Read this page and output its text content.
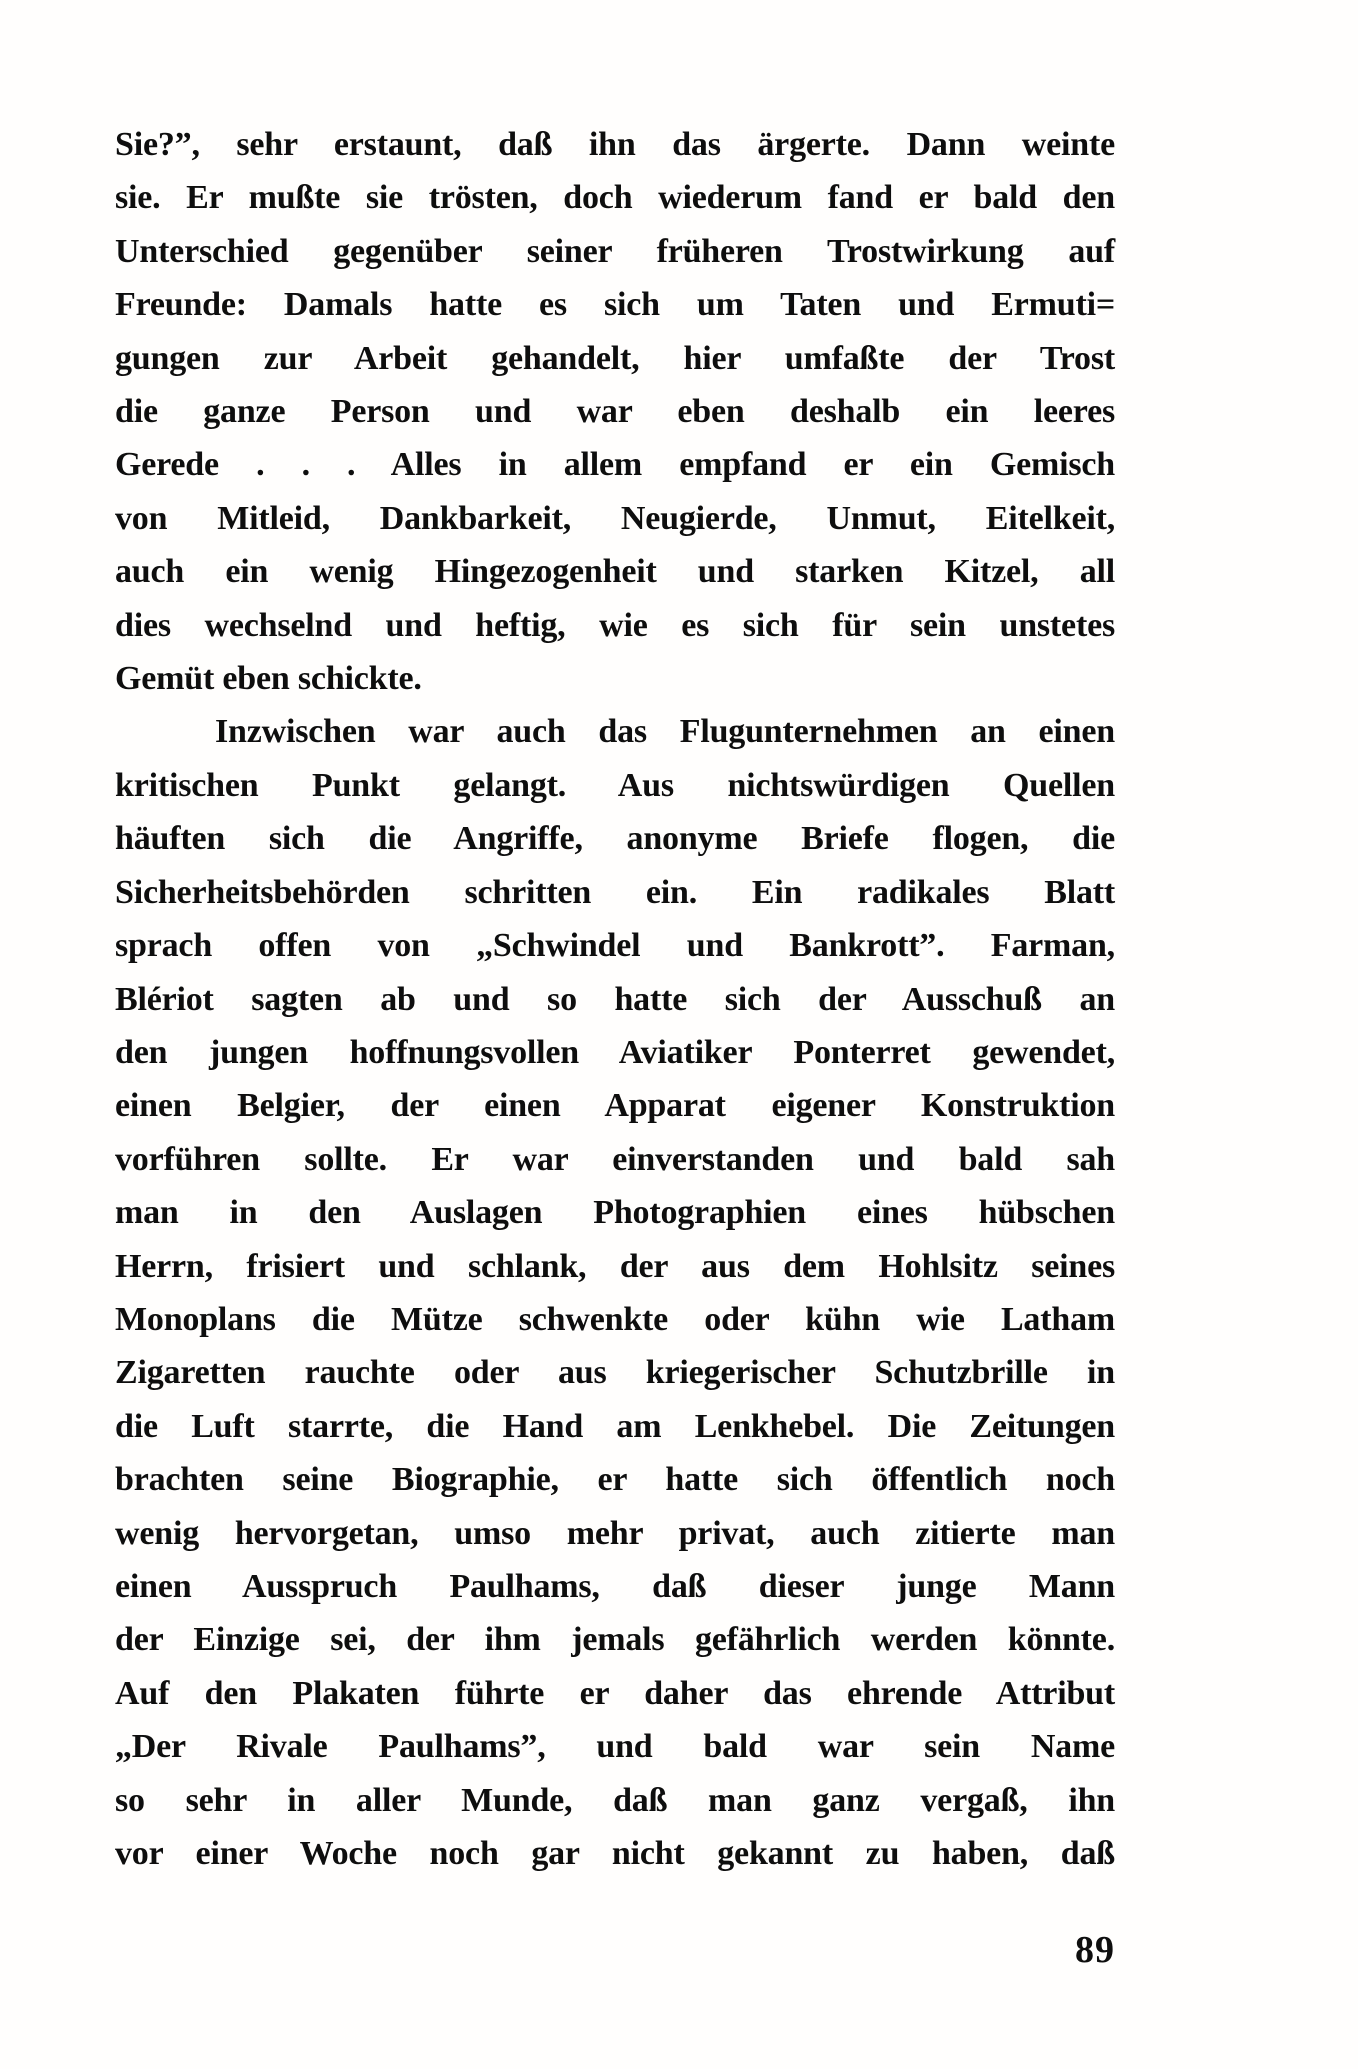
Sie?”, sehr erstaunt, daß ihn das ärgerte. Dann weinte
sie. Er mußte sie trösten, doch wiederum fand er bald den
Unterschied gegenüber seiner früheren Trostwirkung auf
Freunde: Damals hatte es sich um Taten und Ermuti=
gungen zur Arbeit gehandelt, hier umfaßte der Trost
die ganze Person und war eben deshalb ein leeres
Gerede . . . Alles in allem empfand er ein Gemisch
von Mitleid, Dankbarkeit, Neugierde, Unmut, Eitelkeit,
auch ein wenig Hingezogenheit und starken Kitzel, all
dies wechselnd und heftig, wie es sich für sein unstetes
Gemüt eben schickte.
Inzwischen war auch das Flugunternehmen an einen
kritischen Punkt gelangt. Aus nichtswürdigen Quellen
häuften sich die Angriffe, anonyme Briefe flogen, die
Sicherheitsbehörden schritten ein. Ein radikales Blatt
sprach offen von „Schwindel und Bankrott”. Farman,
Blériot sagten ab und so hatte sich der Ausschuß an
den jungen hoffnungsvollen Aviatiker Ponterret gewendet,
einen Belgier, der einen Apparat eigener Konstruktion
vorführen sollte. Er war einverstanden und bald sah
man in den Auslagen Photographien eines hübschen
Herrn, frisiert und schlank, der aus dem Hohlsitz seines
Monoplans die Mütze schwenkte oder kühn wie Latham
Zigaretten rauchte oder aus kriegerischer Schutzbrille in
die Luft starrte, die Hand am Lenkhebel. Die Zeitungen
brachten seine Biographie, er hatte sich öffentlich noch
wenig hervorgetan, umso mehr privat, auch zitierte man
einen Ausspruch Paulhams, daß dieser junge Mann
der Einzige sei, der ihm jemals gefährlich werden könnte.
Auf den Plakaten führte er daher das ehrende Attribut
„Der Rivale Paulhams”, und bald war sein Name
so sehr in aller Munde, daß man ganz vergaß, ihn
vor einer Woche noch gar nicht gekannt zu haben, daß
89
